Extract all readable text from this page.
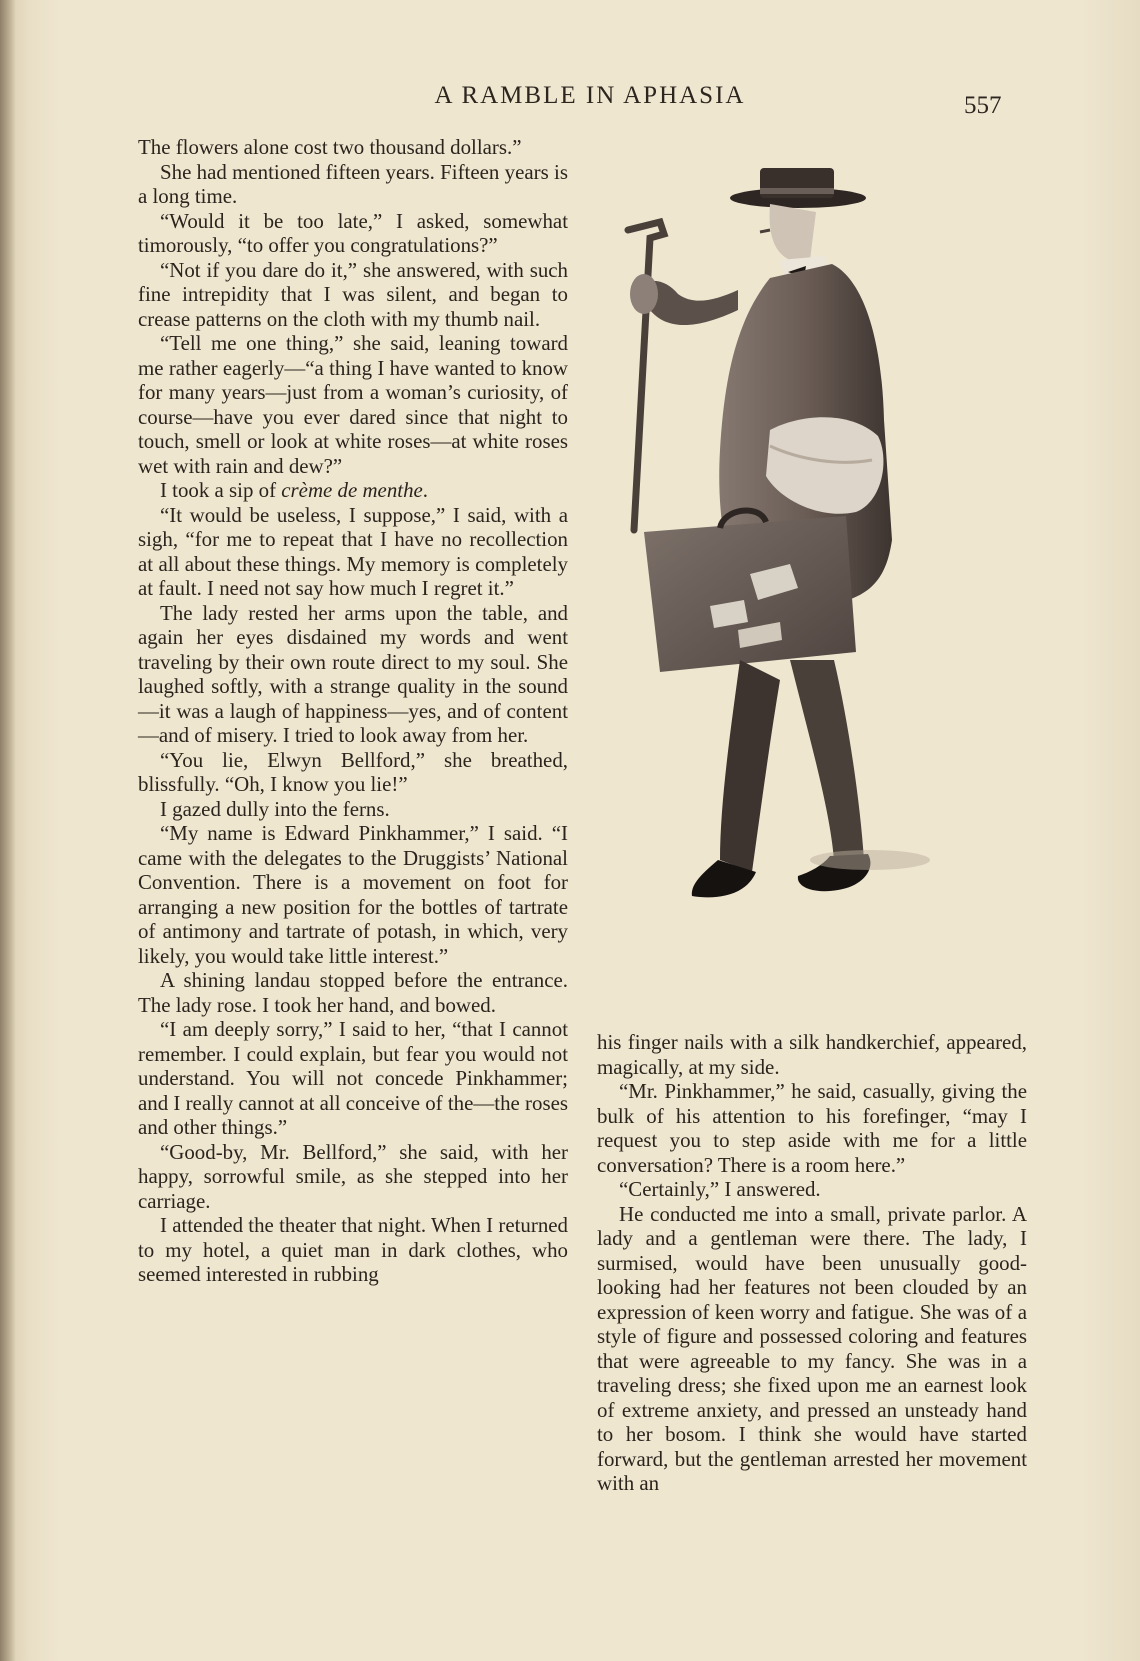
A RAMBLE IN APHASIA	557

The flowers alone cost two thousand dollars.”

She had mentioned fifteen years. Fifteen years is a long time.

“Would it be too late,” I asked, somewhat timorously, “to offer you congratulations?”

“Not if you dare do it,” she answered, with such fine intrepidity that I was silent, and began to crease patterns on the cloth with my thumb nail.

“Tell me one thing,” she said, leaning toward me rather eagerly—“a thing I have wanted to know for many years—just from a woman’s curiosity, of course—have you ever dared since that night to touch, smell or look at white roses—at white roses wet with rain and dew?”

I took a sip of crème de menthe.

“It would be useless, I suppose,” I said, with a sigh, “for me to repeat that I have no recollection at all about these things. My memory is completely at fault. I need not say how much I regret it.”

The lady rested her arms upon the table, and again her eyes disdained my words and went traveling by their own route direct to my soul. She laughed softly, with a strange quality in the sound—it was a laugh of happiness—yes, and of content—and of misery. I tried to look away from her.

“You lie, Elwyn Bellford,” she breathed, blissfully. “Oh, I know you lie!”

I gazed dully into the ferns.

“My name is Edward Pinkhammer,” I said. “I came with the delegates to the Druggists’ National Convention. There is a movement on foot for arranging a new position for the bottles of tartrate of antimony and tartrate of potash, in which, very likely, you would take little interest.”

A shining landau stopped before the entrance. The lady rose. I took her hand, and bowed.

“I am deeply sorry,” I said to her, “that I cannot remember. I could explain, but fear you would not understand. You will not concede Pinkhammer; and I really cannot at all conceive of the—the roses and other things.”

“Good-by, Mr. Bellford,” she said, with her happy, sorrowful smile, as she stepped into her carriage.

I attended the theater that night. When I returned to my hotel, a quiet man in dark clothes, who seemed interested in rubbing

his finger nails with a silk handkerchief, appeared, magically, at my side.

“Mr. Pinkhammer,” he said, casually, giving the bulk of his attention to his forefinger, “may I request you to step aside with me for a little conversation? There is a room here.”

“Certainly,” I answered.

He conducted me into a small, private parlor. A lady and a gentleman were there. The lady, I surmised, would have been unusually good-looking had her features not been clouded by an expression of keen worry and fatigue. She was of a style of figure and possessed coloring and features that were agreeable to my fancy. She was in a traveling dress; she fixed upon me an earnest look of extreme anxiety, and pressed an unsteady hand to her bosom. I think she would have started forward, but the gentleman arrested her movement with an
